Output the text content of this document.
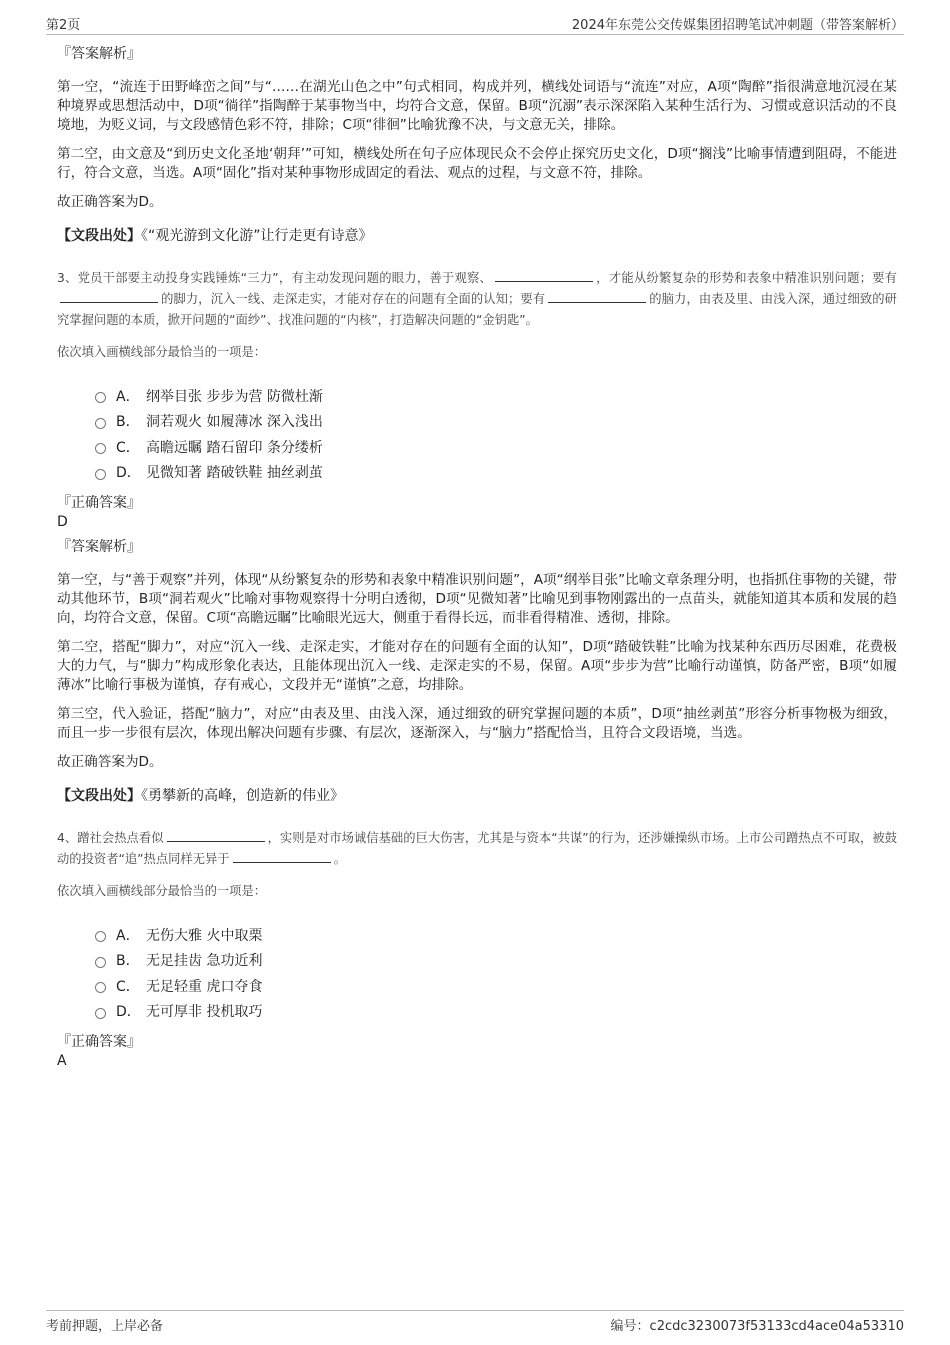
第2页	2024年东莞公交传媒集团招聘笔试冲刺题（带答案解析）
『答案解析』

第一空，“流连于田野峰峦之间”与“……在湖光山色之中”句式相同，构成并列，横线处词语与“流连”对应，A项“陶醉”指很满意地沉浸在某种境界或思想活动中，D项“徜徉”指陶醉于某事物当中，均符合文意，保留。B项“沉溺”表示深深陷入某种生活行为、习惯或意识活动的不良境地，为贬义词，与文段感情色彩不符，排除；C项“徘徊”比喻犹豫不决，与文意无关，排除。

第二空，由文意及“到历史文化圣地‘朝拜’”可知，横线处所在句子应体现民众不会停止探究历史文化，D项“搁浅”比喻事情遭到阻碍，不能进行，符合文意，当选。A项“固化”指对某种事物形成固定的看法、观点的过程，与文意不符，排除。

故正确答案为D。

【文段出处】《“观光游到文化游”让行走更有诗意》
3、党员干部要主动投身实践锤炼“三力”，有主动发现问题的眼力，善于观察、	，才能从纷繁复杂的形势和表象中精准识别问题；要有的脚力，沉入一线、走深走实，才能对存在的问题有全面的认知；要有	的脑力，由表及里、由浅入深，通过细致的研究掌握问题的本质，掀开问题的“面纱”、找准问题的“内核”，打造解决问题的“金钥匙”。
依次填入画横线部分最恰当的一项是：
A． 纲举目张 步步为营 防微杜渐
B． 洞若观火 如履薄冰 深入浅出
C． 高瞻远瞩 踏石留印 条分缕析
D． 见微知著 踏破铁鞋 抽丝剥茧
『正确答案』
D
『答案解析』

第一空，与“善于观察”并列，体现“从纷繁复杂的形势和表象中精准识别问题”，A项“纲举目张”比喻文章条理分明，也指抓住事物的关键，带动其他环节，B项“洞若观火”比喻对事物观察得十分明白透彻，D项“见微知著”比喻见到事物刚露出的一点苗头，就能知道其本质和发展的趋向，均符合文意，保留。C项“高瞻远瞩”比喻眼光远大，侧重于看得长远，而非看得精准、透彻，排除。

第二空，搭配“脚力”，对应“沉入一线、走深走实，才能对存在的问题有全面的认知”，D项“踏破铁鞋”比喻为找某种东西历尽困难，花费极大的力气，与“脚力”构成形象化表达，且能体现出沉入一线、走深走实的不易，保留。A项“步步为营”比喻行动谨慎，防备严密，B项“如履薄冰”比喻行事极为谨慎，存有戒心，文段并无“谨慎”之意，均排除。

第三空，代入验证，搭配“脑力”，对应“由表及里、由浅入深，通过细致的研究掌握问题的本质”，D项“抽丝剥茧”形容分析事物极为细致，而且一步一步很有层次，体现出解决问题有步骤、有层次，逐渐深入，与“脑力”搭配恰当，且符合文段语境，当选。

故正确答案为D。

【文段出处】《勇攀新的高峰，创造新的伟业》
4、蹭社会热点看似	，实则是对市场诚信基础的巨大伤害，尤其是与资本“共谋”的行为，还涉嫌操纵市场。上市公司蹭热点不可取，被鼓动的投资者“追”热点同样无异于	。
依次填入画横线部分最恰当的一项是：
A． 无伤大雅 火中取栗
B． 无足挂齿 急功近利
C． 无足轻重 虎口夺食
D． 无可厚非 投机取巧
『正确答案』
A
考前押题，上岸必备	编号：c2cdc3230073f53133cd4ace04a53310
